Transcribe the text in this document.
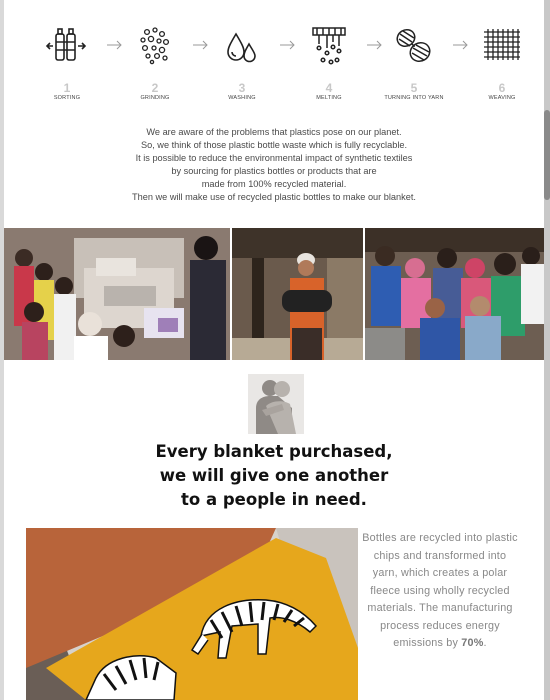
1
SORTING
2
GRINDING
3
WASHING
4
MELTING
5
TURNING INTO YARN
6
WEAVING

We are aware of the problems that plastics pose on our planet.

So, we think of those plastic bottle waste which is fully recyclable.

It is possible to reduce the environmental impact of synthetic textiles

by sourcing for plastics bottles or products that are

made from 100% recycled material.

Then we will make use of recycled plastic bottles to make our blanket.

Every blanket purchased,
we will give one another
to a people in need.

Bottles are recycled into plastic chips and transformed into yarn, which creates a polar fleece using wholly recycled materials. The manufacturing process reduces energy emissions by 70%.
